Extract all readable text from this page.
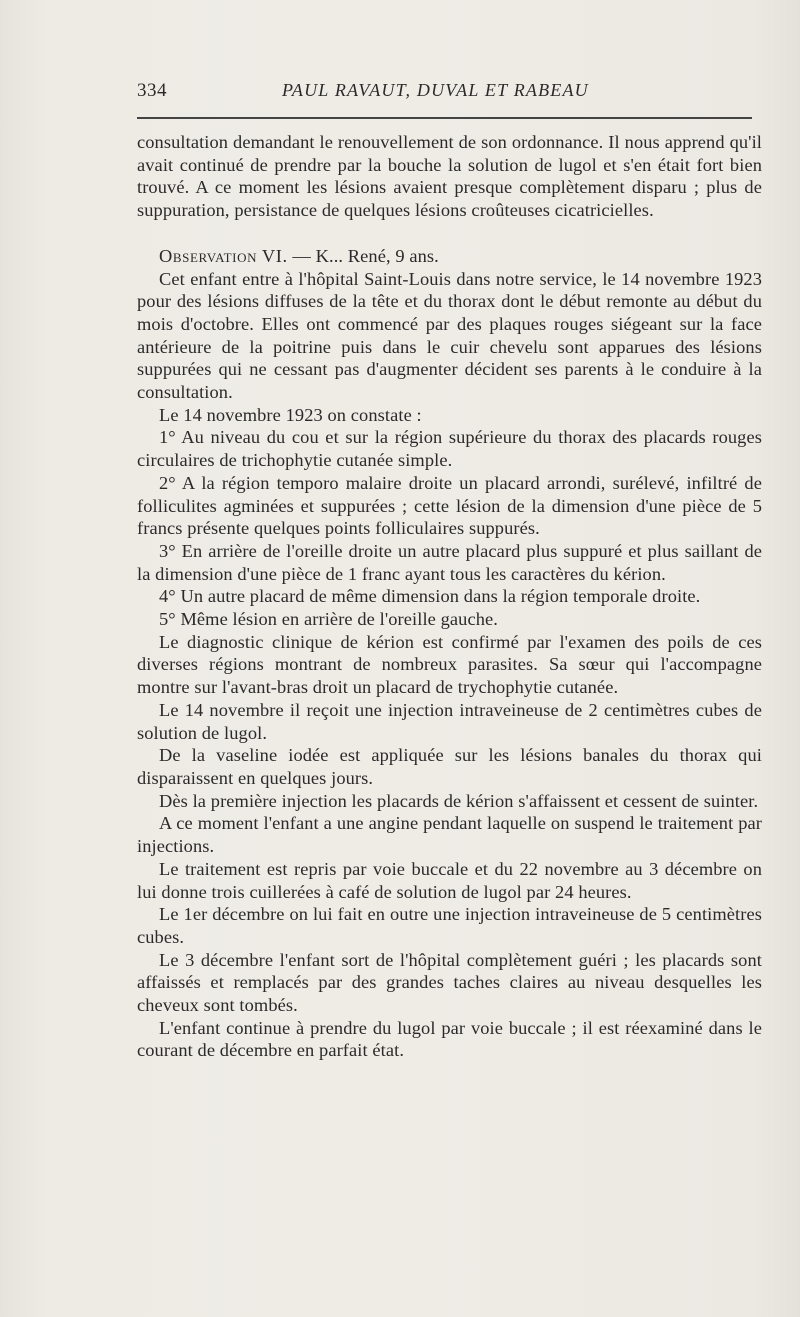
334	PAUL RAVAUT, DUVAL ET RABEAU

consultation demandant le renouvellement de son ordonnance. Il nous apprend qu'il avait continué de prendre par la bouche la solution de lugol et s'en était fort bien trouvé. A ce moment les lésions avaient presque complètement disparu ; plus de suppuration, persistance de quelques lésions croûteuses cicatricielles.

Observation VI. — K... René, 9 ans.

Cet enfant entre à l'hôpital Saint-Louis dans notre service, le 14 novembre 1923 pour des lésions diffuses de la tête et du thorax dont le début remonte au début du mois d'octobre. Elles ont commencé par des plaques rouges siégeant sur la face antérieure de la poitrine puis dans le cuir chevelu sont apparues des lésions suppurées qui ne cessant pas d'augmenter décident ses parents à le conduire à la consultation.

Le 14 novembre 1923 on constate :

1° Au niveau du cou et sur la région supérieure du thorax des placards rouges circulaires de trichophytie cutanée simple.

2° A la région temporo malaire droite un placard arrondi, surélevé, infiltré de folliculites agminées et suppurées ; cette lésion de la dimension d'une pièce de 5 francs présente quelques points folliculaires suppurés.

3° En arrière de l'oreille droite un autre placard plus suppuré et plus saillant de la dimension d'une pièce de 1 franc ayant tous les caractères du kérion.

4° Un autre placard de même dimension dans la région temporale droite.

5° Même lésion en arrière de l'oreille gauche.

Le diagnostic clinique de kérion est confirmé par l'examen des poils de ces diverses régions montrant de nombreux parasites. Sa sœur qui l'accompagne montre sur l'avant-bras droit un placard de trychophytie cutanée.

Le 14 novembre il reçoit une injection intraveineuse de 2 centimètres cubes de solution de lugol.

De la vaseline iodée est appliquée sur les lésions banales du thorax qui disparaissent en quelques jours.

Dès la première injection les placards de kérion s'affaissent et cessent de suinter.

A ce moment l'enfant a une angine pendant laquelle on suspend le traitement par injections.

Le traitement est repris par voie buccale et du 22 novembre au 3 décembre on lui donne trois cuillerées à café de solution de lugol par 24 heures.

Le 1er décembre on lui fait en outre une injection intraveineuse de 5 centimètres cubes.

Le 3 décembre l'enfant sort de l'hôpital complètement guéri ; les placards sont affaissés et remplacés par des grandes taches claires au niveau desquelles les cheveux sont tombés.

L'enfant continue à prendre du lugol par voie buccale ; il est réexaminé dans le courant de décembre en parfait état.
